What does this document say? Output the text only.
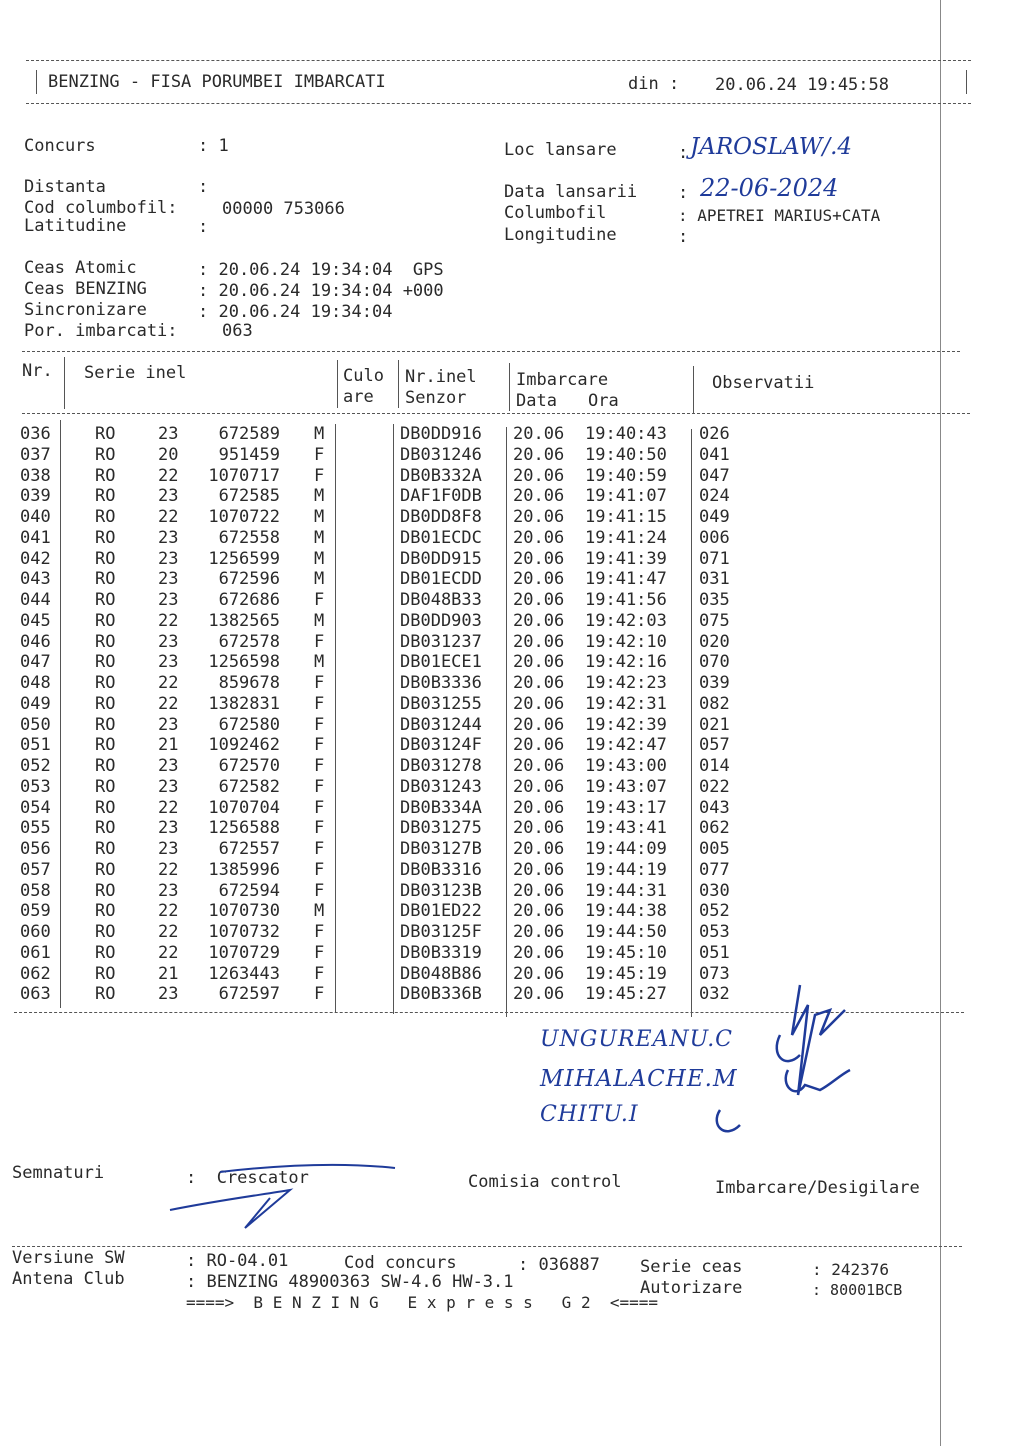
BENZING - FISA PORUMBEI IMBARCATI	din : 20.06.24 19:45:58
Concurs	: 1
Distanta	:
Cod columbofil:	00000 753066
Latitudine	:
Loc lansare	: JAROSLAW/.4
Data lansarii : 22-06-2024
Columbofil	: APETREI MARIUS+CATA
Longitudine	:
Ceas Atomic	: 20.06.24 19:34:04  GPS
Ceas BENZING	: 20.06.24 19:34:04 +000
Sincronizare	: 20.06.24 19:34:04
Por. imbarcati:	063
Nr. Serie inel	Culo
are
Nr.inel
Senzor
Imbarcare
Data Ora
Observatii
036	RO	23	672589 M	DB0DD916 20.06 19:40:43 026
037	RO	20	951459 F	DB031246 20.06 19:40:50 041
038	RO	22	1070717 F	DB0B332A 20.06 19:40:59 047
039	RO	23	672585 M	DAF1F0DB 20.06 19:41:07 024
040	RO	22	1070722 M	DB0DD8F8 20.06 19:41:15 049
041	RO	23	672558 M	DB01ECDC 20.06 19:41:24 006
042	RO	23	1256599 M	DB0DD915 20.06 19:41:39 071
043	RO	23	672596 M	DB01ECDD 20.06 19:41:47 031
044	RO	23	672686 F	DB048B33 20.06 19:41:56 035
045	RO	22	1382565 M	DB0DD903 20.06 19:42:03 075
046	RO	23	672578 F	DB031237 20.06 19:42:10 020
047	RO	23	1256598 M	DB01ECE1 20.06 19:42:16 070
048	RO	22	859678 F	DB0B3336 20.06 19:42:23 039
049	RO	22	1382831 F	DB031255 20.06 19:42:31 082
050	RO	23	672580 F	DB031244 20.06 19:42:39 021
051	RO	21	1092462 F	DB03124F 20.06 19:42:47 057
052	RO	23	672570 F	DB031278 20.06 19:43:00 014
053	RO	23	672582 F	DB031243 20.06 19:43:07 022
054	RO	22	1070704 F	DB0B334A 20.06 19:43:17 043
055	RO	23	1256588 F	DB031275 20.06 19:43:41 062
056	RO	23	672557 F	DB03127B 20.06 19:44:09 005
057	RO	22	1385996 F	DB0B3316 20.06 19:44:19 077
058	RO	23	672594 F	DB03123B 20.06 19:44:31 030
059	RO	22	1070730 M	DB01ED22 20.06 19:44:38 052
060	RO	22	1070732 F	DB03125F 20.06 19:44:50 053
061	RO	22	1070729 F	DB0B3319 20.06 19:45:10 051
062	RO	21	1263443 F	DB048B86 20.06 19:45:19 073
063	RO	23	672597 F	DB0B336B 20.06 19:45:27 032
UNGUREANU.C
MIHALACHE.M
CHITU.I
Semnaturi	:  Crescator	Comisia control	Imbarcare/Desigilare
Versiune SW	: RO-04.01	Cod concurs	: 036887 Serie ceas	: 242376
Antena Club	: BENZING 48900363 SW-4.6 HW-3.1	Autorizare	: 80001BCB
====>  B E N Z I N G   E x p r e s s   G 2  <====
